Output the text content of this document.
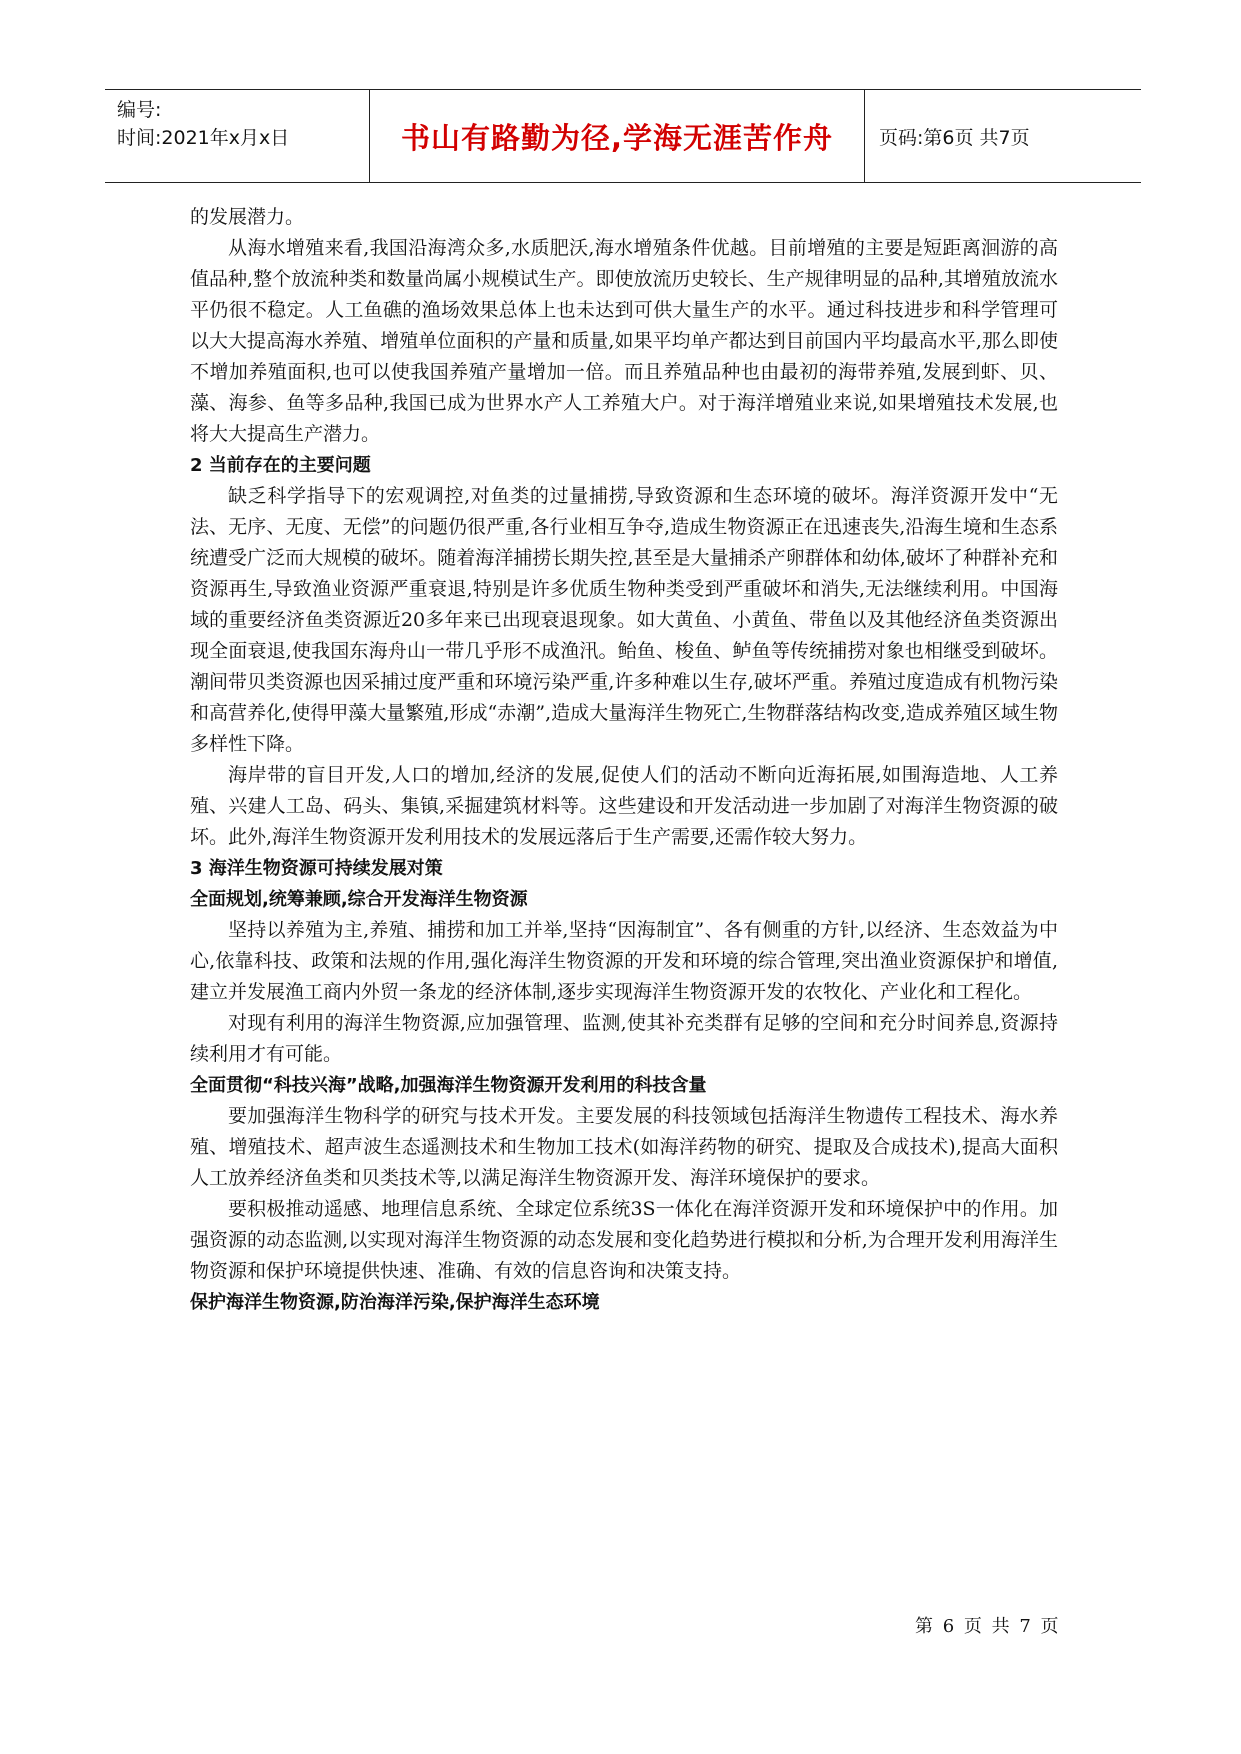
编号:
时间:2021年x月x日	书山有路勤为径,学海无涯苦作舟	页码:第6页 共7页

的发展潜力。

从海水增殖来看,我国沿海湾众多,水质肥沃,海水增殖条件优越。目前增殖的主要是短距离洄游的高值品种,整个放流种类和数量尚属小规模试生产。即使放流历史较长、生产规律明显的品种,其增殖放流水平仍很不稳定。人工鱼礁的渔场效果总体上也未达到可供大量生产的水平。通过科技进步和科学管理可以大大提高海水养殖、增殖单位面积的产量和质量,如果平均单产都达到目前国内平均最高水平,那么即使不增加养殖面积,也可以使我国养殖产量增加一倍。而且养殖品种也由最初的海带养殖,发展到虾、贝、藻、海参、鱼等多品种,我国已成为世界水产人工养殖大户。对于海洋增殖业来说,如果增殖技术发展,也将大大提高生产潜力。

2 当前存在的主要问题

缺乏科学指导下的宏观调控,对鱼类的过量捕捞,导致资源和生态环境的破坏。海洋资源开发中“无法、无序、无度、无偿”的问题仍很严重,各行业相互争夺,造成生物资源正在迅速丧失,沿海生境和生态系统遭受广泛而大规模的破坏。随着海洋捕捞长期失控,甚至是大量捕杀产卵群体和幼体,破坏了种群补充和资源再生,导致渔业资源严重衰退,特别是许多优质生物种类受到严重破坏和消失,无法继续利用。中国海域的重要经济鱼类资源近20多年来已出现衰退现象。如大黄鱼、小黄鱼、带鱼以及其他经济鱼类资源出现全面衰退,使我国东海舟山一带几乎形不成渔汛。鲐鱼、梭鱼、鲈鱼等传统捕捞对象也相继受到破坏。潮间带贝类资源也因采捕过度严重和环境污染严重,许多种难以生存,破坏严重。养殖过度造成有机物污染和高营养化,使得甲藻大量繁殖,形成“赤潮”,造成大量海洋生物死亡,生物群落结构改变,造成养殖区域生物多样性下降。

海岸带的盲目开发,人口的增加,经济的发展,促使人们的活动不断向近海拓展,如围海造地、人工养殖、兴建人工岛、码头、集镇,采掘建筑材料等。这些建设和开发活动进一步加剧了对海洋生物资源的破坏。此外,海洋生物资源开发利用技术的发展远落后于生产需要,还需作较大努力。

3 海洋生物资源可持续发展对策

全面规划,统筹兼顾,综合开发海洋生物资源

坚持以养殖为主,养殖、捕捞和加工并举,坚持“因海制宜”、各有侧重的方针,以经济、生态效益为中心,依靠科技、政策和法规的作用,强化海洋生物资源的开发和环境的综合管理,突出渔业资源保护和增值,建立并发展渔工商内外贸一条龙的经济体制,逐步实现海洋生物资源开发的农牧化、产业化和工程化。

对现有利用的海洋生物资源,应加强管理、监测,使其补充类群有足够的空间和充分时间养息,资源持续利用才有可能。

全面贯彻“科技兴海”战略,加强海洋生物资源开发利用的科技含量

要加强海洋生物科学的研究与技术开发。主要发展的科技领域包括海洋生物遗传工程技术、海水养殖、增殖技术、超声波生态遥测技术和生物加工技术(如海洋药物的研究、提取及合成技术),提高大面积人工放养经济鱼类和贝类技术等,以满足海洋生物资源开发、海洋环境保护的要求。

要积极推动遥感、地理信息系统、全球定位系统3S一体化在海洋资源开发和环境保护中的作用。加强资源的动态监测,以实现对海洋生物资源的动态发展和变化趋势进行模拟和分析,为合理开发利用海洋生物资源和保护环境提供快速、准确、有效的信息咨询和决策支持。

保护海洋生物资源,防治海洋污染,保护海洋生态环境

第 6 页 共 7 页
